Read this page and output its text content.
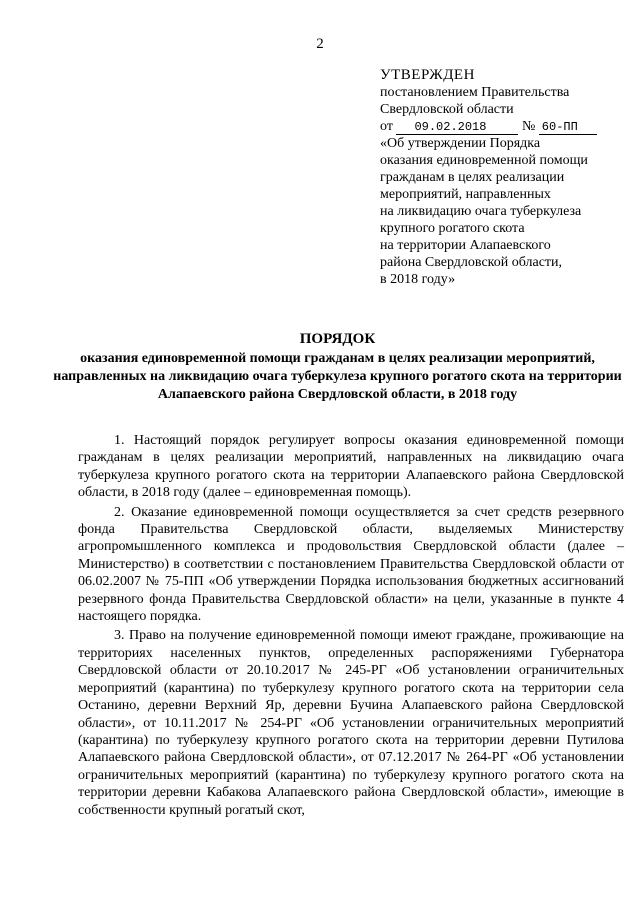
2
УТВЕРЖДЕН
постановлением Правительства
Свердловской области
от 09.02.2018	№ 60-ПП
«Об утверждении Порядка
оказания единовременной помощи
гражданам в целях реализации
мероприятий, направленных
на ликвидацию очага туберкулеза
крупного рогатого скота
на территории Алапаевского
района Свердловской области,
в 2018 году»
ПОРЯДОК
оказания единовременной помощи гражданам в целях реализации мероприятий, направленных на ликвидацию очага туберкулеза крупного рогатого скота на территории Алапаевского района Свердловской области, в 2018 году

1. Настоящий порядок регулирует вопросы оказания единовременной помощи гражданам в целях реализации мероприятий, направленных на ликвидацию очага туберкулеза крупного рогатого скота на территории Алапаевского района Свердловской области, в 2018 году (далее – единовременная помощь).

2. Оказание единовременной помощи осуществляется за счет средств резервного фонда Правительства Свердловской области, выделяемых Министерству агропромышленного комплекса и продовольствия Свердловской области (далее – Министерство) в соответствии с постановлением Правительства Свердловской области от 06.02.2007 № 75-ПП «Об утверждении Порядка использования бюджетных ассигнований резервного фонда Правительства Свердловской области» на цели, указанные в пункте 4 настоящего порядка.

3. Право на получение единовременной помощи имеют граждане, проживающие на территориях населенных пунктов, определенных распоряжениями Губернатора Свердловской области от 20.10.2017 № 245-РГ «Об установлении ограничительных мероприятий (карантина) по туберкулезу крупного рогатого скота на территории села Останино, деревни Верхний Яр, деревни Бучина Алапаевского района Свердловской области», от 10.11.2017 № 254-РГ «Об установлении ограничительных мероприятий (карантина) по туберкулезу крупного рогатого скота на территории деревни Путилова Алапаевского района Свердловской области», от 07.12.2017 № 264-РГ «Об установлении ограничительных мероприятий (карантина) по туберкулезу крупного рогатого скота на территории деревни Кабакова Алапаевского района Свердловской области», имеющие в собственности крупный рогатый скот,
